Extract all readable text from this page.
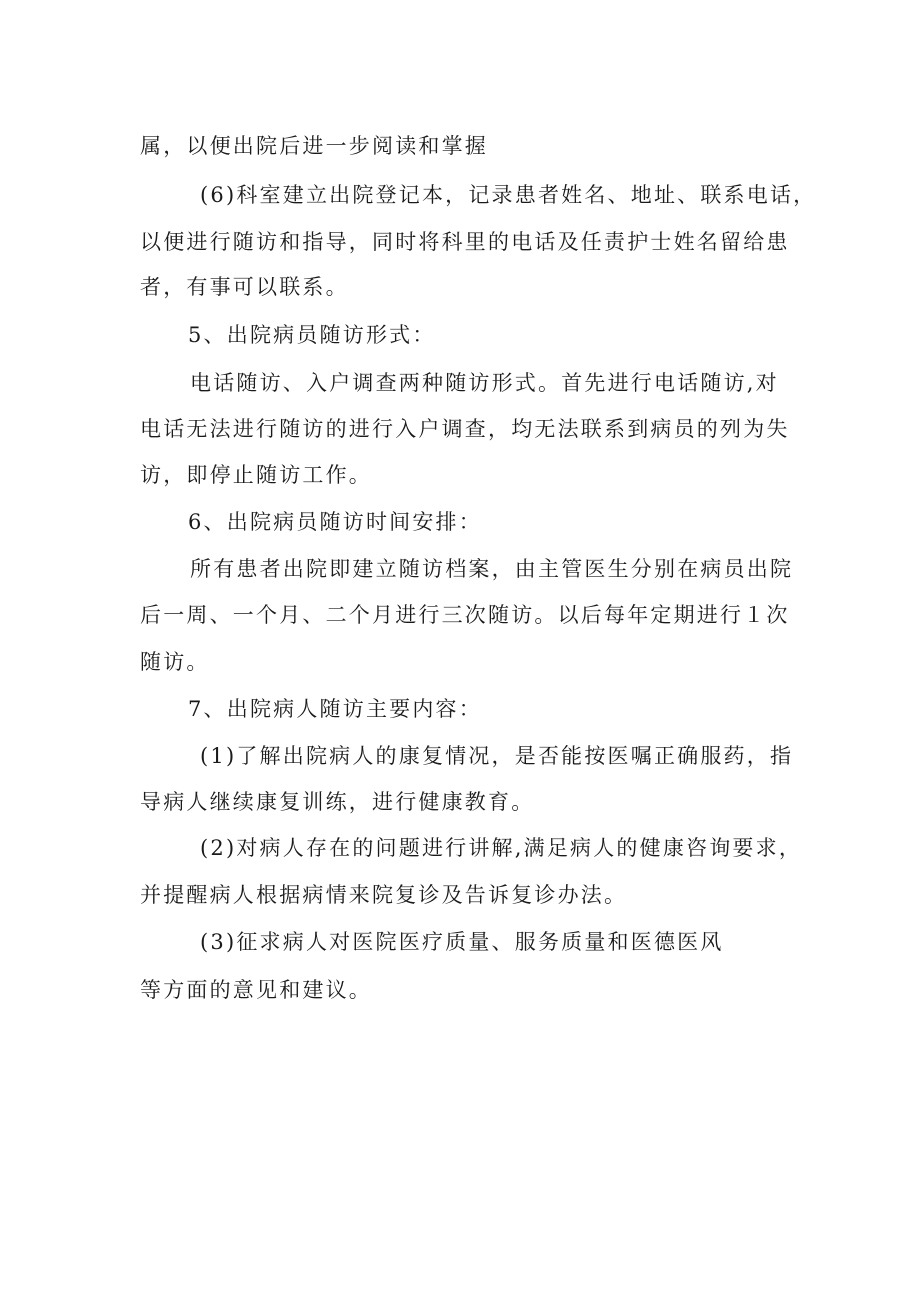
属，以便出院后进一步阅读和掌握
(6)科室建立出院登记本，记录患者姓名、地址、联系电话，
以便进行随访和指导，同时将科里的电话及任责护士姓名留给患
者，有事可以联系。
5、出院病员随访形式：
电话随访、入户调查两种随访形式。首先进行电话随访,对
电话无法进行随访的进行入户调查，均无法联系到病员的列为失
访，即停止随访工作。
6、出院病员随访时间安排：
所有患者出院即建立随访档案，由主管医生分别在病员出院
后一周、一个月、二个月进行三次随访。以后每年定期进行１次
随访。
7、出院病人随访主要内容：
(1)了解出院病人的康复情况，是否能按医嘱正确服药，指
导病人继续康复训练，进行健康教育。
(2)对病人存在的问题进行讲解,满足病人的健康咨询要求，
并提醒病人根据病情来院复诊及告诉复诊办法。
(3)征求病人对医院医疗质量、服务质量和医德医风
等方面的意见和建议。
